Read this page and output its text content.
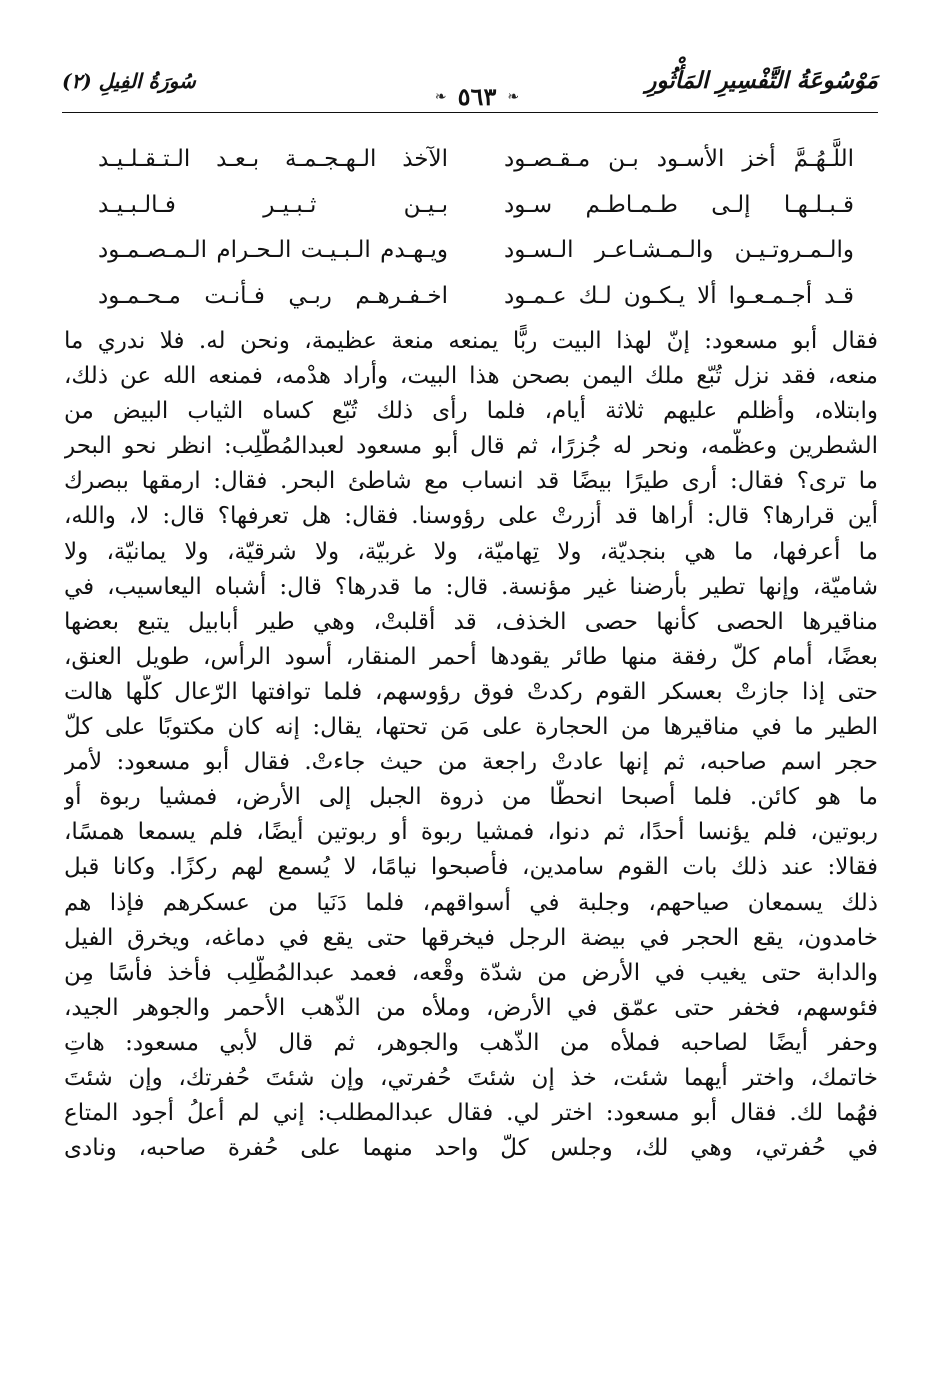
مَوْسُوعَةُ التَّفْسِيرِ المَأْثُورِ
❧ ٥٦٣ ❧
سُورَةُ الفِيلِ (٢)
اللَّـهُـمَّ أخز الأسـود بـن مـقـصـود
الآخذ الـهـجـمـة بـعـد الـتـقـلـيـد
قـبـلـهـا إلـى طـمـاطـم سـود
بـيـن ثـبـيـر فـالـبـيـد
والـمـروتـيـن والـمـشـاعـر الـسـود
ويـهـدم الـبـيـت الـحـرام الـمـصـمـود
قـد أجـمـعـوا ألا يـكـون لـك عـمـود
اخـفـرهـم ربـي فـأنـت مـحـمـود
فقال أبو مسعود: إنّ لهذا البيت ربًّا يمنعه منعة عظيمة، ونحن له. فلا ندري ما
منعه، فقد نزل تُبّع ملك اليمن بصحن هذا البيت، وأراد هدْمه، فمنعه الله عن ذلك،
وابتلاه، وأظلم عليهم ثلاثة أيام، فلما رأى ذلك تُبّع كساه الثياب البيض من
الشطرين وعظّمه، ونحر له جُزرًا، ثم قال أبو مسعود لعبدالمُطَّلِب: انظر نحو البحر
ما ترى؟ فقال: أرى طيرًا بيضًا قد انساب مع شاطئ البحر. فقال: ارمقها ببصرك
أين قرارها؟ قال: أراها قد أزرتْ على رؤوسنا. فقال: هل تعرفها؟ قال: لا، والله،
ما أعرفها، ما هي بنجديّة، ولا تِهاميّة، ولا غربيّة، ولا شرقيّة، ولا يمانيّة، ولا
شاميّة، وإنها تطير بأرضنا غير مؤنسة. قال: ما قدرها؟ قال: أشباه اليعاسيب، في
مناقيرها الحصى كأنها حصى الخذف، قد أقلبتْ، وهي طير أبابيل يتبع بعضها
بعضًا، أمام كلّ رفقة منها طائر يقودها أحمر المنقار، أسود الرأس، طويل العنق،
حتى إذا جازتْ بعسكر القوم ركدتْ فوق رؤوسهم، فلما توافتها الرّعال كلّها هالت
الطير ما في مناقيرها من الحجارة على مَن تحتها، يقال: إنه كان مكتوبًا على كلّ
حجر اسم صاحبه، ثم إنها عادتْ راجعة من حيث جاءتْ. فقال أبو مسعود: لأمر
ما هو كائن. فلما أصبحا انحطّا من ذروة الجبل إلى الأرض، فمشيا ربوة أو
ربوتين، فلم يؤنسا أحدًا، ثم دنوا، فمشيا ربوة أو ربوتين أيضًا، فلم يسمعا همسًا،
فقالا: عند ذلك بات القوم سامدين، فأصبحوا نيامًا، لا يُسمع لهم ركزًا. وكانا قبل
ذلك يسمعان صياحهم، وجلبة في أسواقهم، فلما دَنَيا من عسكرهم فإذا هم
خامدون، يقع الحجر في بيضة الرجل فيخرقها حتى يقع في دماغه، ويخرق الفيل
والدابة حتى يغيب في الأرض من شدّة وقْعه، فعمد عبدالمُطَّلِب فأخذ فأسًا مِن
فئوسهم، فخفر حتى عمّق في الأرض، وملأه من الذّهب الأحمر والجوهر الجيد،
وحفر أيضًا لصاحبه فملأه من الذّهب والجوهر، ثم قال لأبي مسعود: هاتِ
خاتمك، واختر أيهما شئت، خذ إن شئتَ حُفرتي، وإن شئتَ حُفرتك، وإن شئتَ
فهُما لك. فقال أبو مسعود: اختر لي. فقال عبدالمطلب: إني لم أعلُ أجود المتاع
في حُفرتي، وهي لك، وجلس كلّ واحد منهما على حُفرة صاحبه، ونادى
